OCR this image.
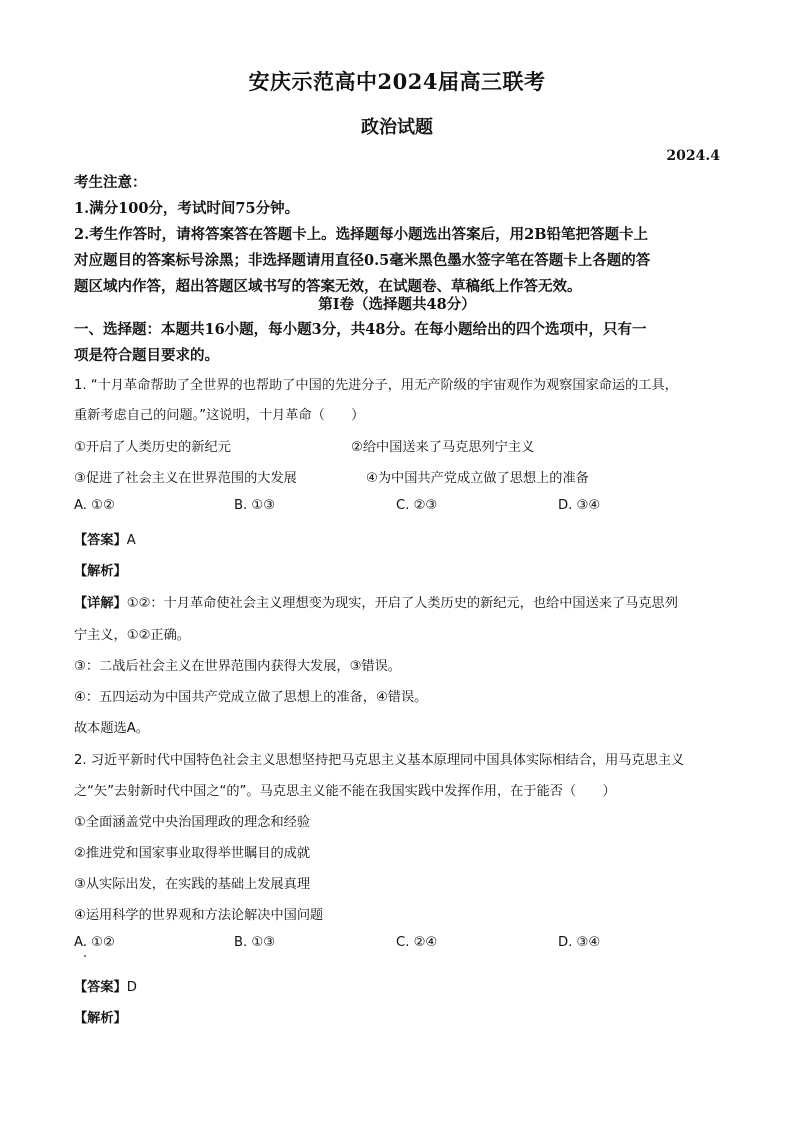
安庆示范高中2024届高三联考
政治试题
2024.4
考生注意：
1.满分100分，考试时间75分钟。
2.考生作答时，请将答案答在答题卡上。选择题每小题选出答案后，用2B铅笔把答题卡上
对应题目的答案标号涂黑；非选择题请用直径0.5毫米黑色墨水签字笔在答题卡上各题的答
题区域内作答，超出答题区域书写的答案无效，在试题卷、草稿纸上作答无效。
第Ⅰ卷（选择题共48分）
一、选择题：本题共16小题，每小题3分，共48分。在每小题给出的四个选项中，只有一
项是符合题目要求的。
1. “十月革命帮助了全世界的也帮助了中国的先进分子，用无产阶级的宇宙观作为观察国家命运的工具，
重新考虑自己的问题。”这说明，十月革命（　　）
①开启了人类历史的新纪元	②给中国送来了马克思列宁主义
③促进了社会主义在世界范围的大发展	④为中国共产党成立做了思想上的准备
A. ①②	B. ①③	C. ②③	D. ③④
【答案】A
【解析】
【详解】①②：十月革命使社会主义理想变为现实，开启了人类历史的新纪元，也给中国送来了马克思列
宁主义，①②正确。
③：二战后社会主义在世界范围内获得大发展，③错误。
④：五四运动为中国共产党成立做了思想上的准备，④错误。
故本题选A。
2. 习近平新时代中国特色社会主义思想坚持把马克思主义基本原理同中国具体实际相结合，用马克思主义
之“矢”去射新时代中国之“的”。马克思主义能不能在我国实践中发挥作用，在于能否（　　）
①全面涵盖党中央治国理政的理念和经验
②推进党和国家事业取得举世瞩目的成就
③从实际出发，在实践的基础上发展真理
④运用科学的世界观和方法论解决中国问题
A. ①②	B. ①③	C. ②④	D. ③④
【答案】D
【解析】
